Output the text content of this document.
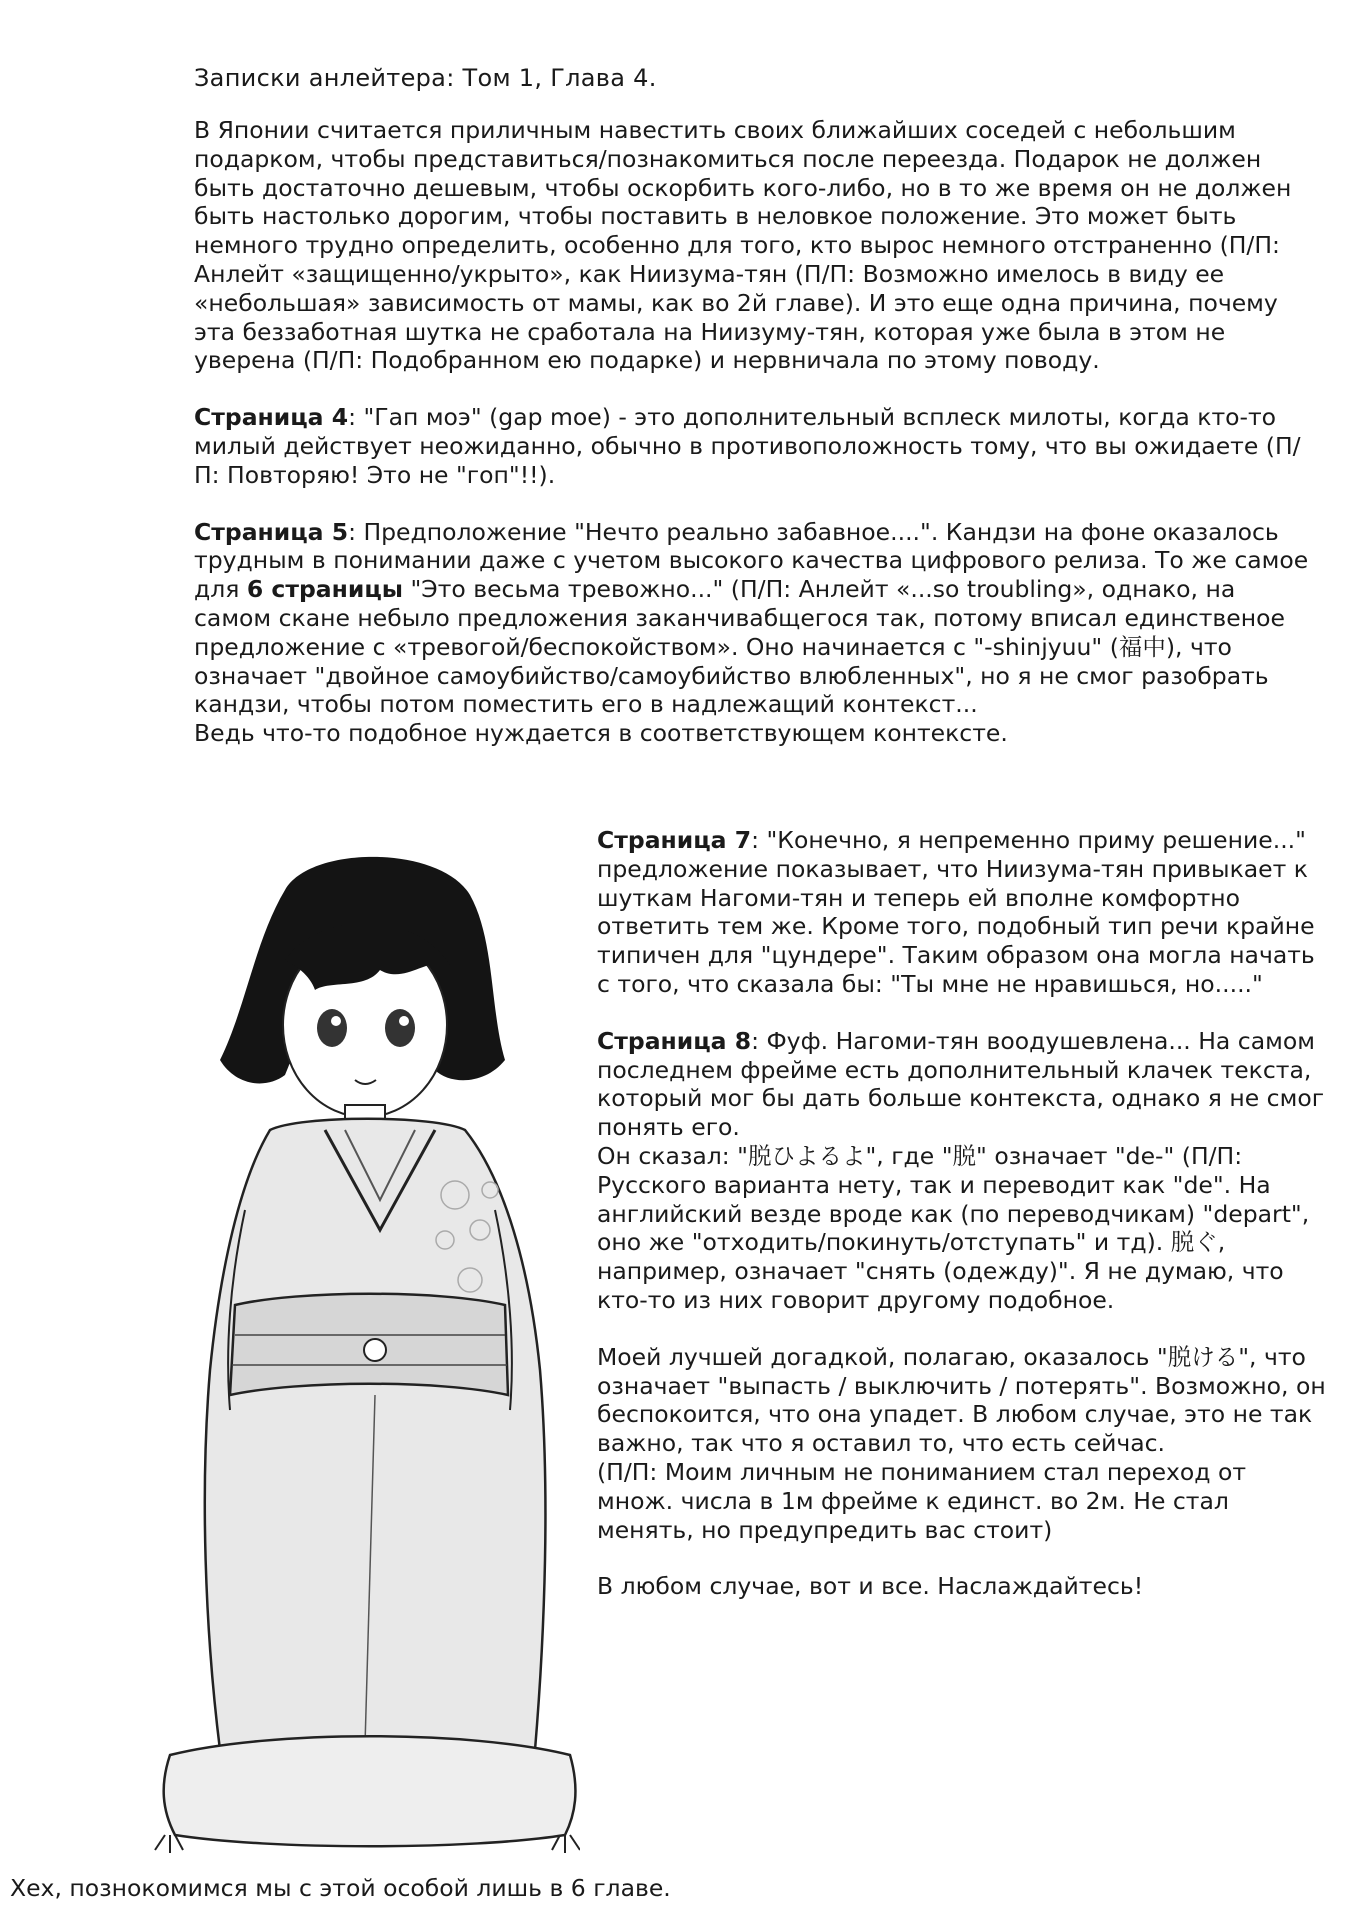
Записки анлейтера: Том 1, Глава 4.

В Японии считается приличным навестить своих ближайших соседей с небольшим подарком, чтобы представиться/познакомиться после переезда. Подарок не должен быть достаточно дешевым, чтобы оскорбить кого-либо, но в то же время он не должен быть настолько дорогим, чтобы поставить в неловкое положение. Это может быть немного трудно определить, особенно для того, кто вырос немного отстраненно (П/П: Анлейт «защищенно/укрыто», как Ниизума-тян (П/П: Возможно имелось в виду ее «небольшая» зависимость от мамы, как во 2й главе). И это еще одна причина, почему эта беззаботная шутка не сработала на Ниизуму-тян, которая уже была в этом не уверена (П/П: Подобранном ею подарке) и нервничала по этому поводу.

Страница 4: "Гап моэ" (gap moe) - это дополнительный всплеск милоты, когда кто-то милый действует неожиданно, обычно в противоположность тому, что вы ожидаете (П/П: Повторяю! Это не "гоп"!!).

Страница 5: Предположение "Нечто реально забавное....". Кандзи на фоне оказалось трудным в понимании даже с учетом высокого качества цифрового релиза. То же самое для 6 страницы "Это весьма тревожно..." (П/П: Анлейт «...so troubling», однако, на самом скане небыло предложения заканчивабщегося так, потому вписал единственое предложение с «тревогой/беспокойством». Оно начинается с "-shinjyuu" (福中), что означает "двойное самоубийство/самоубийство влюбленных", но я не смог разобрать кандзи, чтобы потом поместить его в надлежащий контекст...
Ведь что-то подобное нуждается в соответствующем контексте.

Страница 7: "Конечно, я непременно приму решение..." предложение показывает, что Ниизума-тян привыкает к шуткам Нагоми-тян и теперь ей вполне комфортно ответить тем же. Кроме того, подобный тип речи крайне типичен для "цундере". Таким образом она могла начать с того, что сказала бы: "Ты мне не нравишься, но....."

Страница 8: Фуф. Нагоми-тян воодушевлена... На самом последнем фрейме есть дополнительный клачек текста, который мог бы дать больше контекста, однако я не смог понять его.
Он сказал: "脱ひよるよ", где "脱" означает "de-" (П/П: Русского варианта нету, так и переводит как "de". На английский везде вроде как (по переводчикам) "depart", оно же "отходить/покинуть/отступать" и тд). 脱ぐ, например, означает "снять (одежду)". Я не думаю, что кто-то из них говорит другому подобное.

Моей лучшей догадкой, полагаю, оказалось "脱ける", что означает "выпасть / выключить / потерять". Возможно, он беспокоится, что она упадет. В любом случае, это не так важно, так что я оставил то, что есть сейчас.
(П/П: Моим личным не пониманием стал переход от множ. числа в 1м фрейме к единст. во 2м. Не стал менять, но предупредить вас стоит)

В любом случае, вот и все. Наслаждайтесь!

Хех, познокомимся мы с этой особой лишь в 6 главе.
